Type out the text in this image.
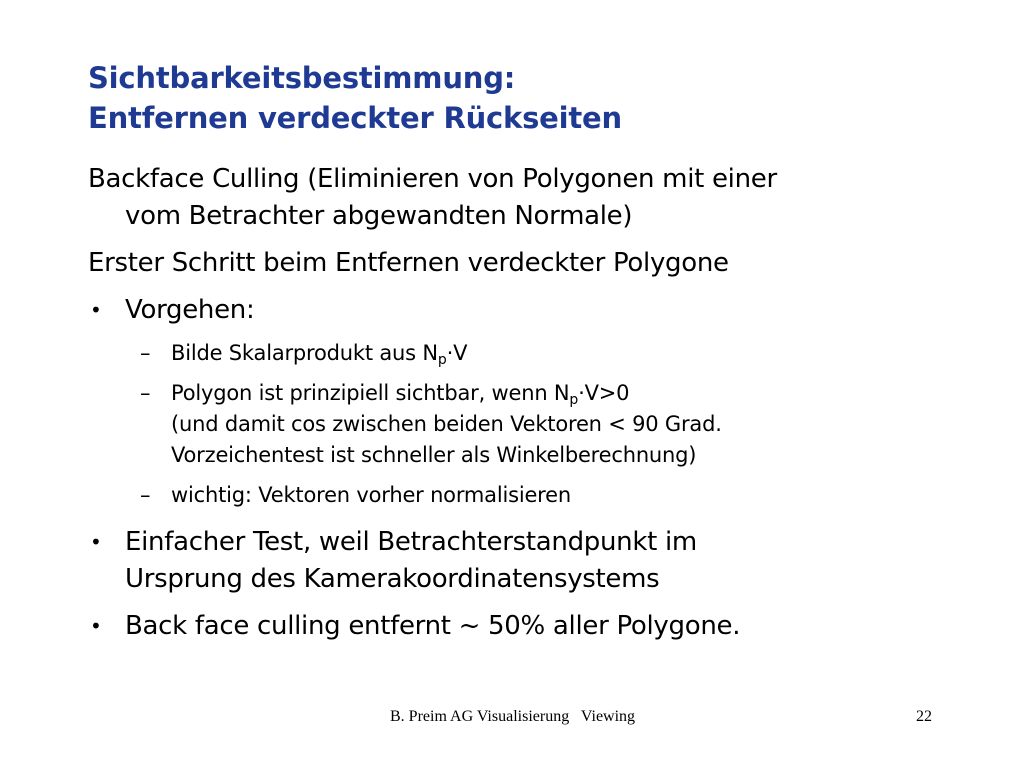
Sichtbarkeitsbestimmung:
Entfernen verdeckter Rückseiten
Backface Culling (Eliminieren von Polygonen mit einer
vom Betrachter abgewandten Normale)
Erster Schritt beim Entfernen verdeckter Polygone
• Vorgehen:
– Bilde Skalarprodukt aus $N_p\cdot V$
– Polygon ist prinzipiell sichtbar, wenn $N_p\cdot V>0$
(und damit cos zwischen beiden Vektoren < 90 Grad.
Vorzeichentest ist schneller als Winkelberechnung)
– wichtig: Vektoren vorher normalisieren
• Einfacher Test, weil Betrachterstandpunkt im
Ursprung des Kamerakoordinatensystems
• Back face culling entfernt ~ 50% aller Polygone.
B. Preim AG Visualisierung   Viewing	22
